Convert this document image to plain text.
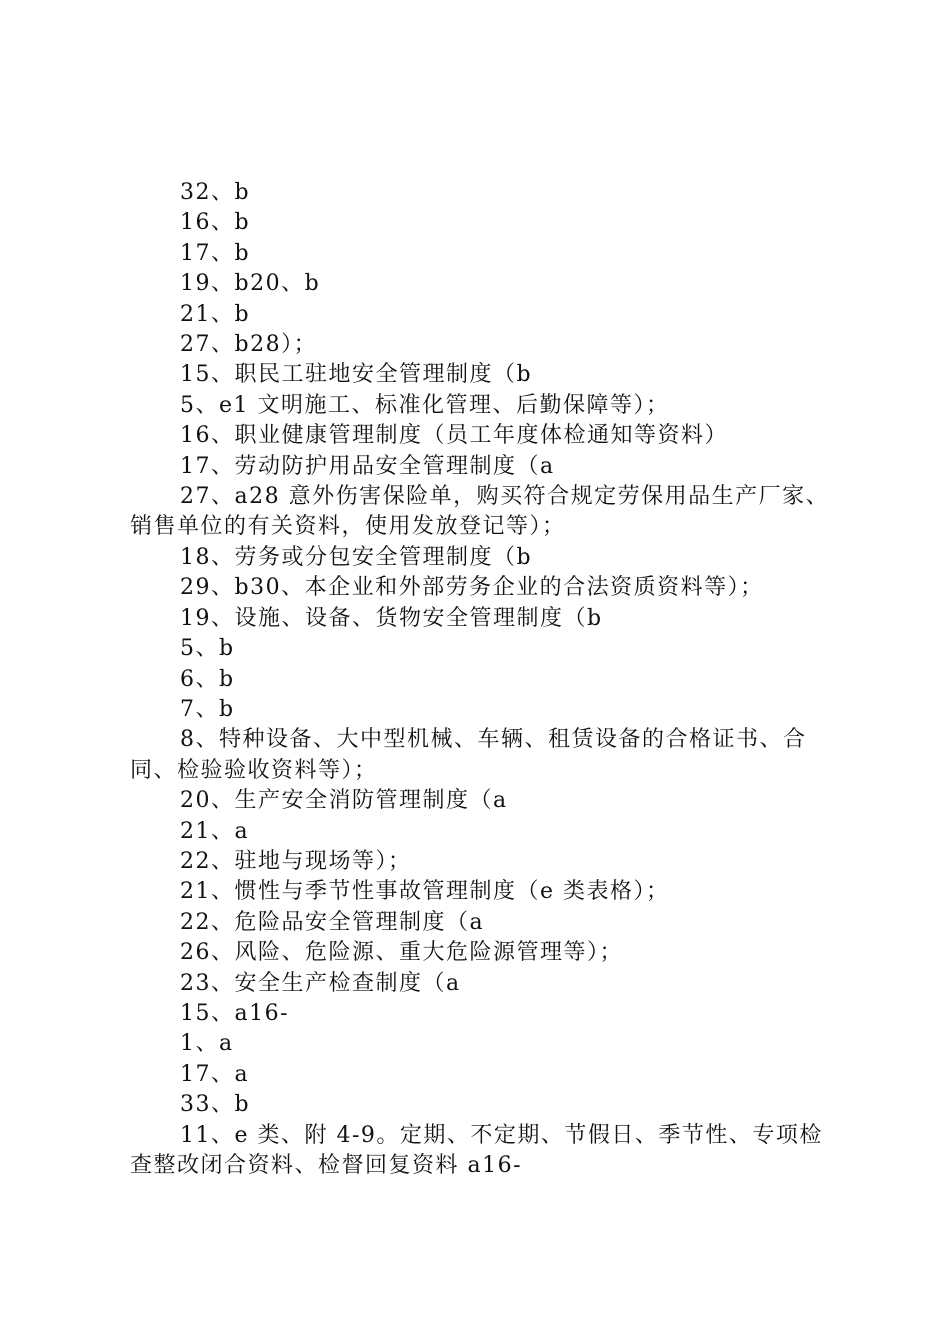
32、b

16、b

17、b

19、b20、b

21、b

27、b28）；

15、职民工驻地安全管理制度（b

5、e1 文明施工、标准化管理、后勤保障等）；

16、职业健康管理制度（员工年度体检通知等资料）

17、劳动防护用品安全管理制度（a

27、a28 意外伤害保险单，购买符合规定劳保用品生产厂家、销售单位的有关资料，使用发放登记等）；

18、劳务或分包安全管理制度（b

29、b30、本企业和外部劳务企业的合法资质资料等）；

19、设施、设备、货物安全管理制度（b

5、b

6、b

7、b

8、特种设备、大中型机械、车辆、租赁设备的合格证书、合同、检验验收资料等）；

20、生产安全消防管理制度（a

21、a

22、驻地与现场等）；

21、惯性与季节性事故管理制度（e 类表格）；

22、危险品安全管理制度（a

26、风险、危险源、重大危险源管理等）；

23、安全生产检查制度（a

15、a16-

1、a

17、a

33、b

11、e 类、附 4-9。定期、不定期、节假日、季节性、专项检查整改闭合资料、检督回复资料 a16-
